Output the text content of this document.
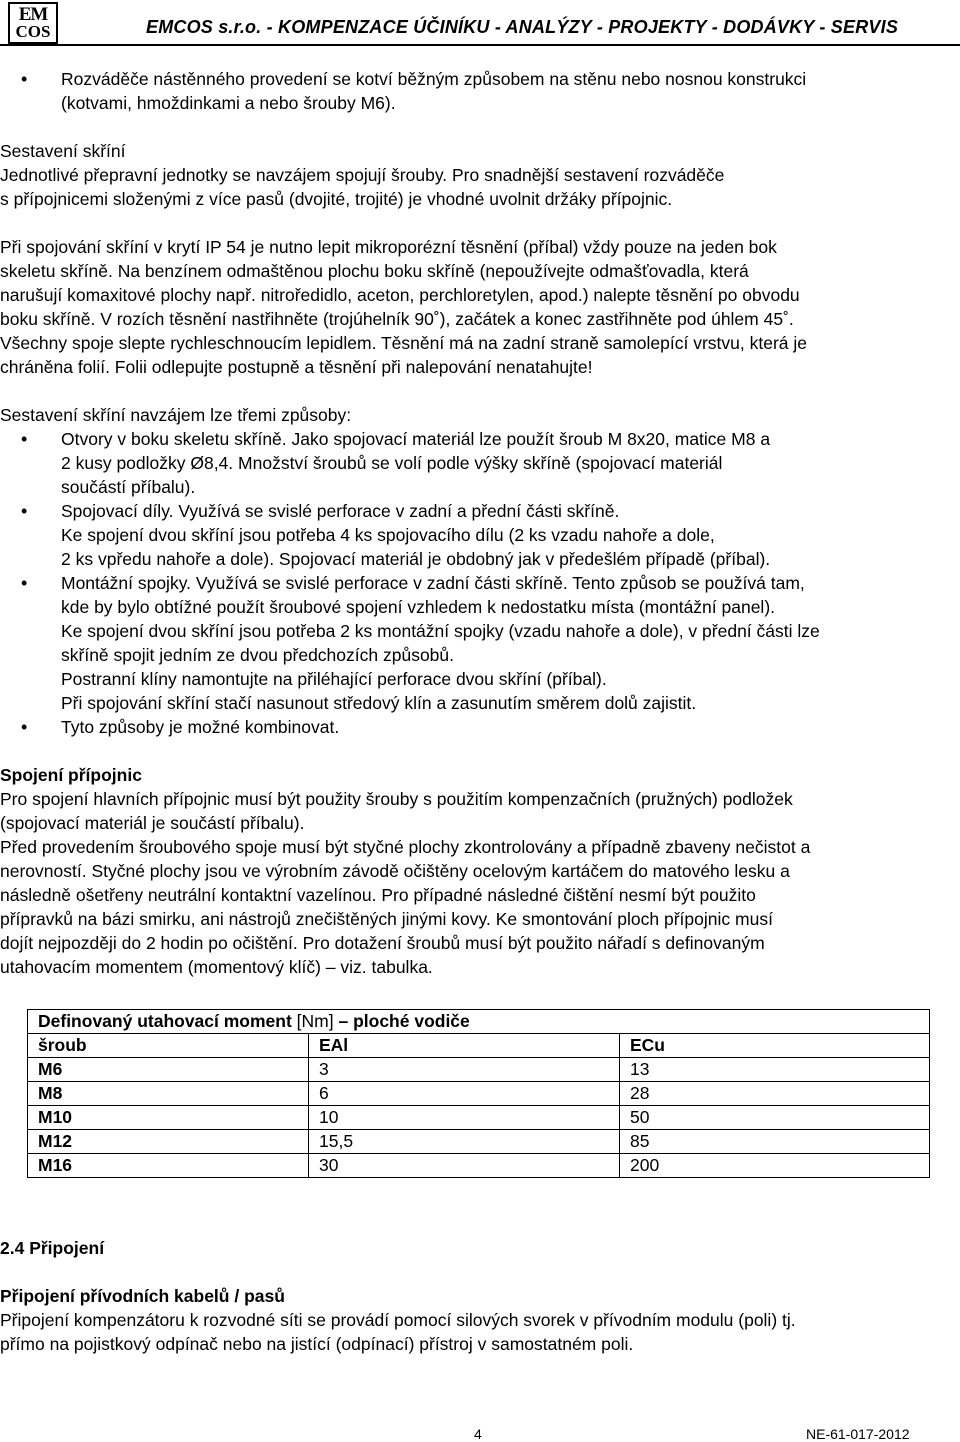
EM
COS	EMCOS s.r.o. - KOMPENZACE ÚČINÍKU - ANALÝZY - PROJEKTY - DODÁVKY - SERVIS
• Rozváděče nástěnného provedení se kotví běžným způsobem na stěnu nebo nosnou konstrukci

(kotvami, hmoždinkami a nebo šrouby M6).

Sestavení skříní

Jednotlivé přepravní jednotky se navzájem spojují šrouby. Pro snadnější sestavení rozváděče

s přípojnicemi složenými z více pasů (dvojité, trojité) je vhodné uvolnit držáky přípojnic.

Při spojování skříní v krytí IP 54 je nutno lepit mikroporézní těsnění (příbal) vždy pouze na jeden bok

skeletu skříně. Na benzínem odmaštěnou plochu boku skříně (nepoužívejte odmašťovadla, která

narušují komaxitové plochy např. nitroředidlo, aceton, perchloretylen, apod.) nalepte těsnění po obvodu

boku skříně. V rozích těsnění nastřihněte (trojúhelník 90˚), začátek a konec zastřihněte pod úhlem 45˚.

Všechny spoje slepte rychleschnoucím lepidlem. Těsnění má na zadní straně samolepící vrstvu, která je

chráněna folií. Folii odlepujte postupně a těsnění při nalepování nenatahujte!

Sestavení skříní navzájem lze třemi způsoby:

• Otvory v boku skeletu skříně. Jako spojovací materiál lze použít šroub M 8x20, matice M8 a

2 kusy podložky Ø8,4. Množství šroubů se volí podle výšky skříně (spojovací materiál

součástí příbalu).

• Spojovací díly. Využívá se svislé perforace v zadní a přední části skříně.

Ke spojení dvou skříní jsou potřeba 4 ks spojovacího dílu (2 ks vzadu nahoře a dole,

2 ks vpředu nahoře a dole). Spojovací materiál je obdobný jak v předešlém případě (příbal).

• Montážní spojky. Využívá se svislé perforace v zadní části skříně. Tento způsob se používá tam,

kde by bylo obtížné použít šroubové spojení vzhledem k nedostatku místa (montážní panel).

Ke spojení dvou skříní jsou potřeba 2 ks montážní spojky (vzadu nahoře a dole), v přední části lze

skříně spojit jedním ze dvou předchozích způsobů.

Postranní klíny namontujte na přiléhající perforace dvou skříní (příbal).

Při spojování skříní stačí nasunout středový klín a zasunutím směrem dolů zajistit.

• Tyto způsoby je možné kombinovat.

Spojení přípojnic

Pro spojení hlavních přípojnic musí být použity šrouby s použitím kompenzačních (pružných) podložek

(spojovací materiál je součástí příbalu).

Před provedením šroubového spoje musí být styčné plochy zkontrolovány a případně zbaveny nečistot a

nerovností. Styčné plochy jsou ve výrobním závodě očištěny ocelovým kartáčem do matového lesku a

následně ošetřeny neutrální kontaktní vazelínou. Pro případné následné čištění nesmí být použito

přípravků na bázi smirku, ani nástrojů znečištěných jinými kovy. Ke smontování ploch přípojnic musí

dojít nejpozději do 2 hodin po očištění. Pro dotažení šroubů musí být použito nářadí s definovaným

utahovacím momentem (momentový klíč) – viz. tabulka.

Definovaný utahovací moment [Nm] – ploché vodiče		
šroub	EAl	ECu
M6	3	13
M8	6	28
M10	10	50
M12	15,5	85
M16	30	200

2.4 Připojení

Připojení přívodních kabelů / pasů

Připojení kompenzátoru k rozvodné síti se provádí pomocí silových svorek v přívodním modulu (poli) tj.

přímo na pojistkový odpínač nebo na jistící (odpínací) přístroj v samostatném poli.

4	NE-61-017-2012
